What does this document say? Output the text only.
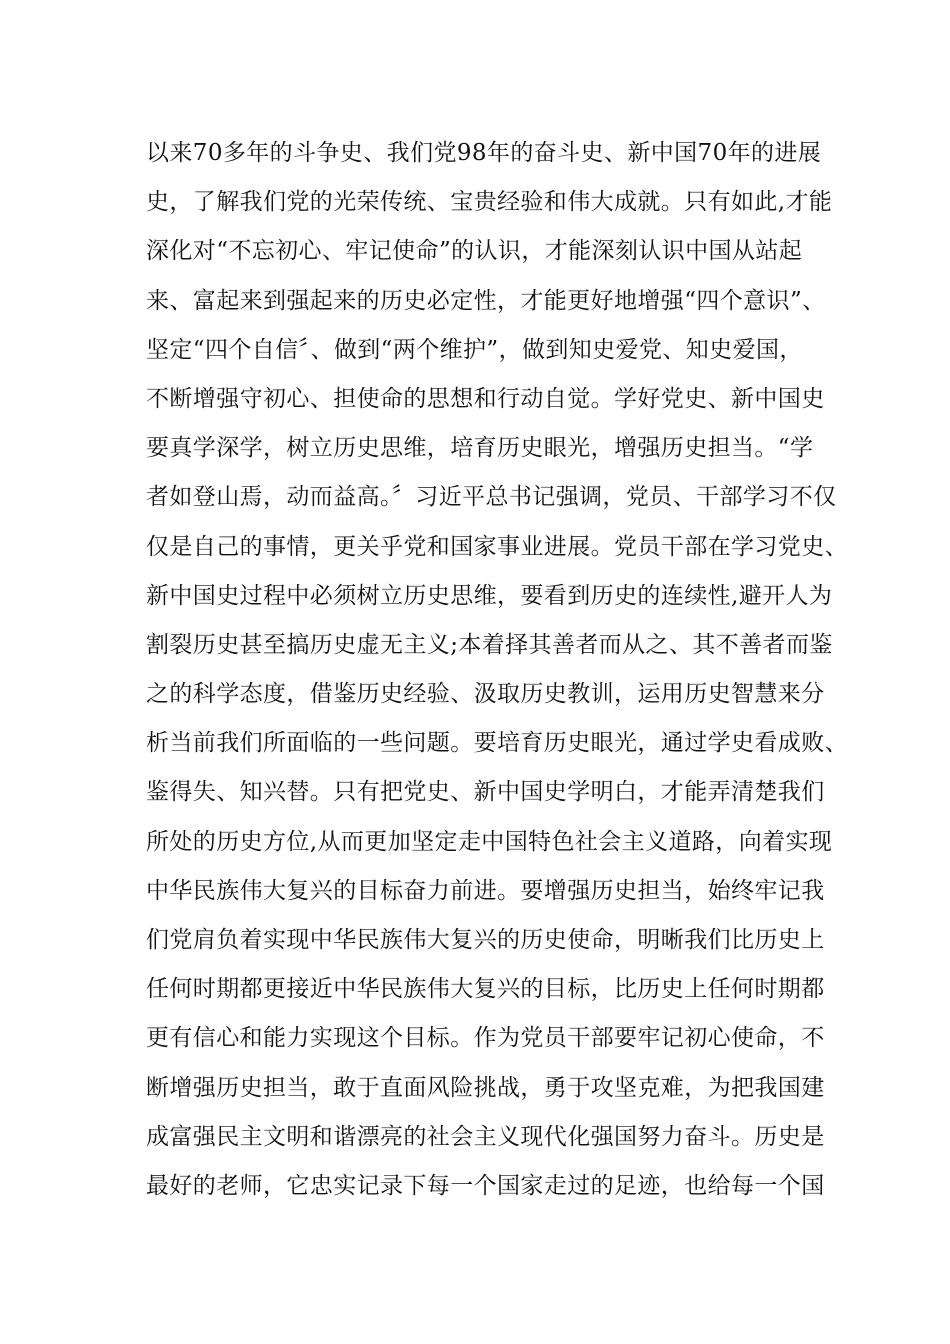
以来70多年的斗争史、我们党98年的奋斗史、新中国70年的进展
史，了解我们党的光荣传统、宝贵经验和伟大成就。只有如此,才能
深化对“不忘初心、牢记使命”的认识，才能深刻认识中国从站起
来、富起来到强起来的历史必定性，才能更好地增强“四个意识”、
坚定“四个自信〞、做到“两个维护”，做到知史爱党、知史爱国，
不断增强守初心、担使命的思想和行动自觉。学好党史、新中国史
要真学深学，树立历史思维，培育历史眼光，增强历史担当。“学
者如登山焉，动而益高。〞习近平总书记强调，党员、干部学习不仅
仅是自己的事情，更关乎党和国家事业进展。党员干部在学习党史、
新中国史过程中必须树立历史思维，要看到历史的连续性,避开人为
割裂历史甚至搞历史虚无主义;本着择其善者而从之、其不善者而鉴
之的科学态度，借鉴历史经验、汲取历史教训，运用历史智慧来分
析当前我们所面临的一些问题。要培育历史眼光，通过学史看成败、
鉴得失、知兴替。只有把党史、新中国史学明白，才能弄清楚我们
所处的历史方位,从而更加坚定走中国特色社会主义道路，向着实现
中华民族伟大复兴的目标奋力前进。要增强历史担当，始终牢记我
们党肩负着实现中华民族伟大复兴的历史使命，明晰我们比历史上
任何时期都更接近中华民族伟大复兴的目标，比历史上任何时期都
更有信心和能力实现这个目标。作为党员干部要牢记初心使命，不
断增强历史担当，敢于直面风险挑战，勇于攻坚克难，为把我国建
成富强民主文明和谐漂亮的社会主义现代化强国努力奋斗。历史是
最好的老师，它忠实记录下每一个国家走过的足迹，也给每一个国
